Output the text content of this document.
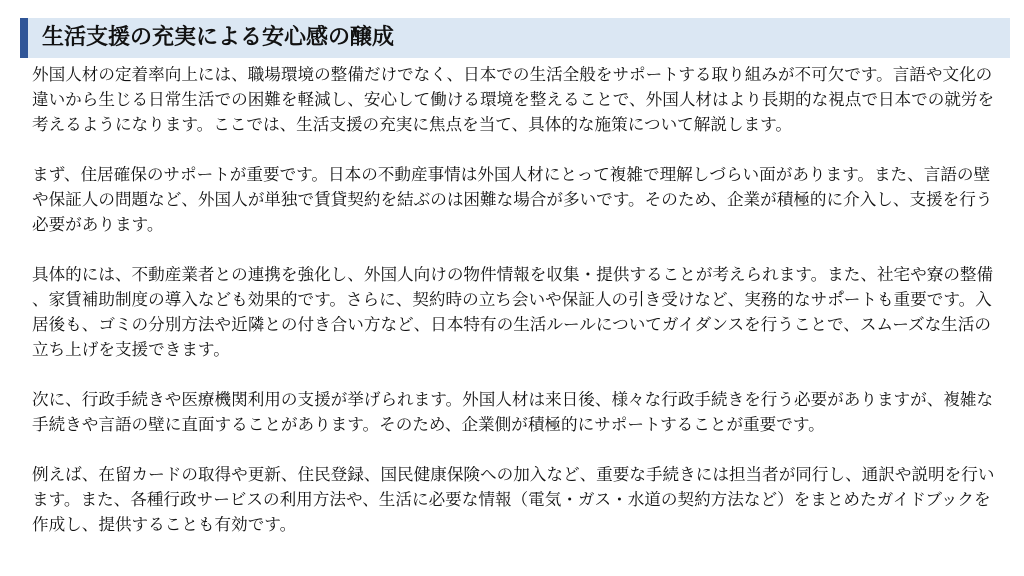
生活支援の充実による安心感の醸成

外国人材の定着率向上には、職場環境の整備だけでなく、日本での生活全般をサポートする取り組みが不可欠です。言語や文化の違いから生じる日常生活での困難を軽減し、安心して働ける環境を整えることで、外国人材はより長期的な視点で日本での就労を考えるようになります。ここでは、生活支援の充実に焦点を当て、具体的な施策について解説します。

まず、住居確保のサポートが重要です。日本の不動産事情は外国人材にとって複雑で理解しづらい面があります。また、言語の壁や保証人の問題など、外国人が単独で賃貸契約を結ぶのは困難な場合が多いです。そのため、企業が積極的に介入し、支援を行う必要があります。

具体的には、不動産業者との連携を強化し、外国人向けの物件情報を収集・提供することが考えられます。また、社宅や寮の整備、家賃補助制度の導入なども効果的です。さらに、契約時の立ち会いや保証人の引き受けなど、実務的なサポ゚ートも重要です。入居後も、ゴミの分別方法や近隣との付き合い方など、日本特有の生活ルールについてガイダンスを行うことで、スムーズな生活の立ち上げを支援できます。

次に、行政手続きや医療機関利用の支援が挙げられます。外国人材は来日後、様々な行政手続きを行う必要がありますが、複雑な手続きや言語の壁に直面することがあります。そのため、企業側が積極的にサポートすることが重要です。

例えば、在留カードの取得や更新、住民登録、国民健康保険への加入など、重要な手続きには担当者が同行し、通訳や説明を行います。また、各種行政サービスの利用方法や、生活に必要な情報（電気・ガス・水道の契約方法など）をまとめたガイドブックを作成し、提供することも有効です。
